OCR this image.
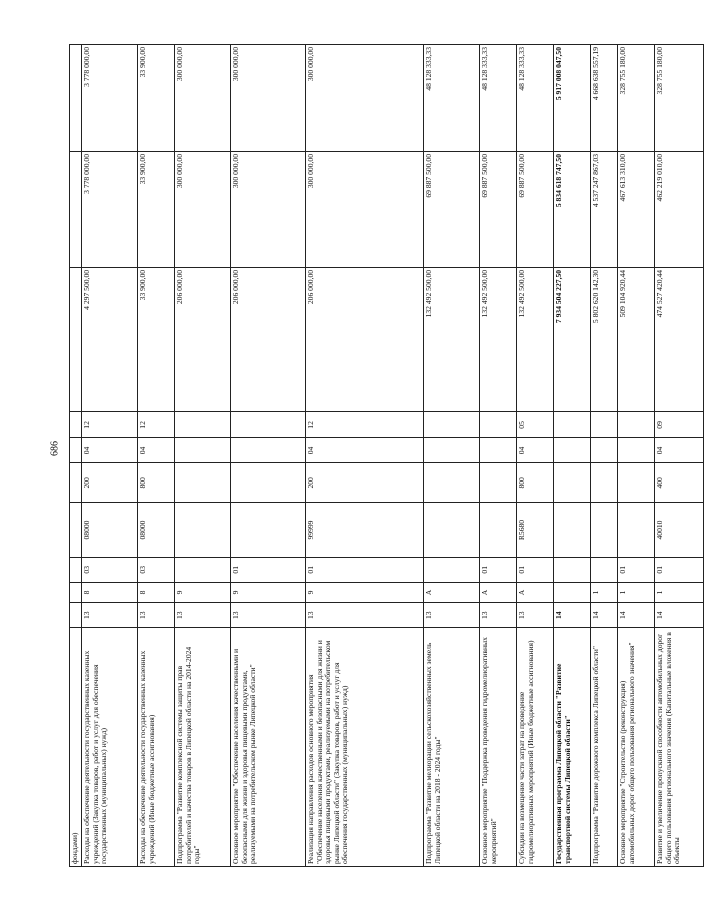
686
фондами)										
Расходы на обеспечение деятельности государственных казенных учреждений (Закупка товаров, работ и услуг для обеспечения государственных (муниципальных) нужд)	13	8	03	08000	200	04	12	4 297 500,00	3 778 000,00	3 778 000,00
Расходы на обеспечение деятельности государственных казенных учреждений (Иные бюджетные ассигнования)	13	8	03	08000	800	04	12	33 900,00	33 900,00	33 900,00
Подпрограмма "Развитие комплексной системы защиты прав потребителей и качества товаров в Липецкой области на 2014-2024 годы"	13	9						206 000,00	300 000,00	300 000,00
Основное мероприятие "Обеспечение населения качественными и безопасными для жизни и здоровья пищевыми продуктами, реализуемыми на потребительском рынке Липецкой области"	13	9	01					206 000,00	300 000,00	300 000,00
Реализация направления расходов основного мероприятия "Обеспечение населения качественными и безопасными для жизни и здоровья пищевыми продуктами, реализуемыми на потребительском рынке Липецкой области" (Закупка товаров, работ и услуг для обеспечения государственных (муниципальных) нужд)	13	9	01	99999	200	04	12	206 000,00	300 000,00	300 000,00
Подпрограмма "Развитие мелиорации сельскохозяйственных земель Липецкой области на 2018 - 2024 годы"	13	А						132 492 500,00	69 887 500,00	48 128 333,33
Основное мероприятие "Поддержка проведения гидромелиоративных мероприятий"	13	А	01					132 492 500,00	69 887 500,00	48 128 333,33
Субсидии на возмещение части затрат на проведение гидромелиоративных мероприятий (Иные бюджетные ассигнования)	13	А	01	R5680	800	04	05	132 492 500,00	69 887 500,00	48 128 333,33
Государственная программа Липецкой области "Развитие транспортной системы Липецкой области"	14							7 934 504 227,50	5 834 618 747,50	5 917 008 047,50
Подпрограмма "Развитие дорожного комплекса Липецкой области"	14	1						5 802 620 142,30	4 537 247 867,03	4 668 638 557,19
Основное мероприятие "Строительство (реконструкция) автомобильных дорог общего пользования регионального значения"	14	1	01					509 104 920,44	467 613 310,00	328 755 180,00
Развитие и увеличение пропускной способности автомобильных дорог общего пользования регионального значения (Капитальные вложения в объекты	14	1	01	40010	400	04	09	474 527 420,44	462 219 010,00	328 755 180,00
